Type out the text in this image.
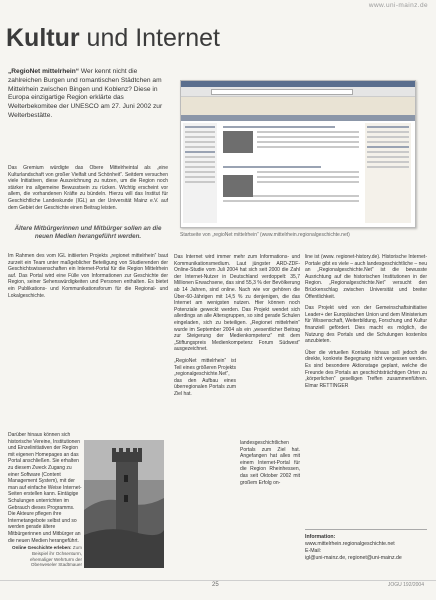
www.uni-mainz.de
Kultur und Internet
„RegioNet mittelrhein“ Wer kennt nicht die zahlreichen Burgen und romantischen Städtchen am Mittelrhein zwischen Bingen und Koblenz? Diese in Europa einzigartige Region erklärte das Welterbekomitee der UNESCO am 27. Juni 2002 zur Welterbestätte.
Das Gremium würdigte das Obere Mittelrheintal als „eine Kulturlandschaft von großer Vielfalt und Schönheit“. Seitdem versuchen viele Initiativen, diese Auszeichnung zu nutzen, um die Region noch stärker ins allgemeine Bewusstsein zu rücken. Wichtig erscheint vor allem, die vorhandenen Kräfte zu bündeln. Hierzu will das Institut für Geschichtliche Landeskunde (IGL) an der Universität Mainz e.V. auf dem Gebiet der Geschichte einen Beitrag leisten.
Ältere Mitbürgerinnen und Mitbürger sollen an die neuen Medien herangeführt werden.

Im Rahmen des vom IGL initiierten Projekts „regionet mittelrhein“ baut zurzeit ein Team unter maßgeblicher Beteiligung von Studierenden der Geschichtswissenschaften ein Internet-Portal für die Region Mittelrhein auf. Das Portal wird eine Fülle von Informationen zur Geschichte der Region, seiner Sehenswürdigkeiten und Personen enthalten. Es bietet ein Publikations- und Kommunikationsforum für die Regional- und Lokalgeschichte.

Darüber hinaus können sich historische Vereine, Institutionen und Einzelinitiativen der Region mit eigenen Homepages an das Portal anschließen. Sie erhalten zu diesem Zweck Zugang zu einer Software (Content Management System), mit der man auf einfache Weise Internet-Seiten erstellen kann. Eintägige Schulungen unterrichten im Gebrauch dieses Programms. Die Akteure pflegen ihre Internetangebote selbst und so werden gerade ältere Mitbürgerinnen und Mitbürger an die neuen Medien herangeführt.

Online Geschichte erleben: Zum Beispiel ihr Ochsenturm, ehemaliger Wehrturm der Oberweseler Stadtmauer
Startseite von „regioNet mittelrhein“ (www.mittelrhein.regionalgeschichte.net)

Das Internet wird immer mehr zum Informations- und Kommunikationsmedium. Laut jüngster ARD-ZDF-Online-Studie vom Juli 2004 hat sich seit 2000 die Zahl der Internet-Nutzer in Deutschland verdoppelt: 35,7 Millionen Erwachsene, das sind 55,3 % der Bevölkerung ab 14 Jahren, sind online. Nach wie vor gehören die Über-60-Jährigen mit 14,5 % zu denjenigen, die das Internet am wenigsten nutzen. Hier können noch Potenziale geweckt werden. Das Projekt wendet sich allerdings an alle Altersgruppen, so sind gerade Schulen eingeladen, sich zu beteiligen. „Regionet mittelrhein“ wurde im September 2004 als ein „wesentlicher Beitrag zur Steigerung der Medienkompetenz“ mit dem „Stiftungspreis Medienkompetenz Forum Südwest“ ausgezeichnet.

„RegioNet mittelrhein“ ist Teil eines größeren Projekts „regionalgeschichte.Net“, das den Aufbau eines überregionalen Portals zum Ziel hat.

landesgeschichtlichen Portals zum Ziel hat. Angefangen hat alles mit einem Internet-Portal für die Region Rheinhessen, das seit Oktober 2002 mit großem Erfolg on-

line ist (www. regionet-history.de). Historische Internet-Portale gibt es viele – auch landesgeschichtliche – neu an „Regionalgeschichte.Net“ ist die bewusste Ausrichtung auf die historischen Institutionen in der Region. „Regionalgeschichte.Net“ versucht den Brückenschlag zwischen Universität und breiter Öffentlichkeit.

Das Projekt wird von der Gemeinschaftsinitiative Leader+ der Europäischen Union und dem Ministerium für Wissenschaft, Weiterbildung, Forschung und Kultur finanziell gefördert. Dies macht es möglich, die Nutzung des Portals und die Schulungen kostenlos anzubieten.

Über die virtuellen Kontakte hinaus soll jedoch die direkte, konkrete Begegnung nicht vergessen werden. Es sind besondere Aktionstage geplant, welche die Freunde des Portals an geschichtsträchtigen Orten zu „körperlichen“ geselligen Treffen zusammenführen. Elmar RETTINGER

Information:
www.mittelrhein.regionalgeschichte.net
E-Mail:
igl@uni-mainz.de, regionet@uni-mainz.de
25	JOGU 192/2004
